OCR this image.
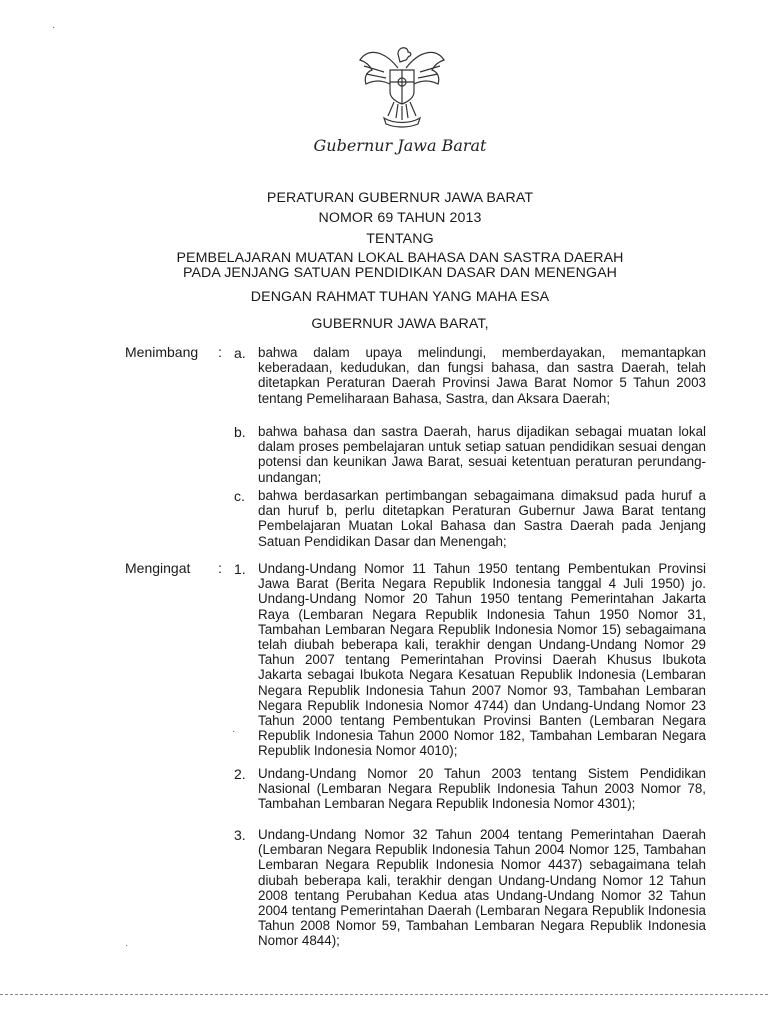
Gubernur Jawa Barat
PERATURAN GUBERNUR JAWA BARAT
NOMOR 69 TAHUN 2013
TENTANG
PEMBELAJARAN MUATAN LOKAL BAHASA DAN SASTRA DAERAH
PADA JENJANG SATUAN PENDIDIKAN DASAR DAN MENENGAH
DENGAN RAHMAT TUHAN YANG MAHA ESA
GUBERNUR JAWA BARAT,
Menimbang : a. bahwa dalam upaya melindungi, memberdayakan, memantapkan keberadaan, kedudukan, dan fungsi bahasa, dan sastra Daerah, telah ditetapkan Peraturan Daerah Provinsi Jawa Barat Nomor 5 Tahun 2003 tentang Pemeliharaan Bahasa, Sastra, dan Aksara Daerah;
b. bahwa bahasa dan sastra Daerah, harus dijadikan sebagai muatan lokal dalam proses pembelajaran untuk setiap satuan pendidikan sesuai dengan potensi dan keunikan Jawa Barat, sesuai ketentuan peraturan perundang-undangan;
c. bahwa berdasarkan pertimbangan sebagaimana dimaksud pada huruf a dan huruf b, perlu ditetapkan Peraturan Gubernur Jawa Barat tentang Pembelajaran Muatan Lokal Bahasa dan Sastra Daerah pada Jenjang Satuan Pendidikan Dasar dan Menengah;
Mengingat : 1. Undang-Undang Nomor 11 Tahun 1950 tentang Pembentukan Provinsi Jawa Barat (Berita Negara Republik Indonesia tanggal 4 Juli 1950) jo. Undang-Undang Nomor 20 Tahun 1950 tentang Pemerintahan Jakarta Raya (Lembaran Negara Republik Indonesia Tahun 1950 Nomor 31, Tambahan Lembaran Negara Republik Indonesia Nomor 15) sebagaimana telah diubah beberapa kali, terakhir dengan Undang-Undang Nomor 29 Tahun 2007 tentang Pemerintahan Provinsi Daerah Khusus Ibukota Jakarta sebagai Ibukota Negara Kesatuan Republik Indonesia (Lembaran Negara Republik Indonesia Tahun 2007 Nomor 93, Tambahan Lembaran Negara Republik Indonesia Nomor 4744) dan Undang-Undang Nomor 23 Tahun 2000 tentang Pembentukan Provinsi Banten (Lembaran Negara Republik Indonesia Tahun 2000 Nomor 182, Tambahan Lembaran Negara Republik Indonesia Nomor 4010);
2. Undang-Undang Nomor 20 Tahun 2003 tentang Sistem Pendidikan Nasional (Lembaran Negara Republik Indonesia Tahun 2003 Nomor 78, Tambahan Lembaran Negara Republik Indonesia Nomor 4301);
3. Undang-Undang Nomor 32 Tahun 2004 tentang Pemerintahan Daerah (Lembaran Negara Republik Indonesia Tahun 2004 Nomor 125, Tambahan Lembaran Negara Republik Indonesia Nomor 4437) sebagaimana telah diubah beberapa kali, terakhir dengan Undang-Undang Nomor 12 Tahun 2008 tentang Perubahan Kedua atas Undang-Undang Nomor 32 Tahun 2004 tentang Pemerintahan Daerah (Lembaran Negara Republik Indonesia Tahun 2008 Nomor 59, Tambahan Lembaran Negara Republik Indonesia Nomor 4844);
·
·
·
